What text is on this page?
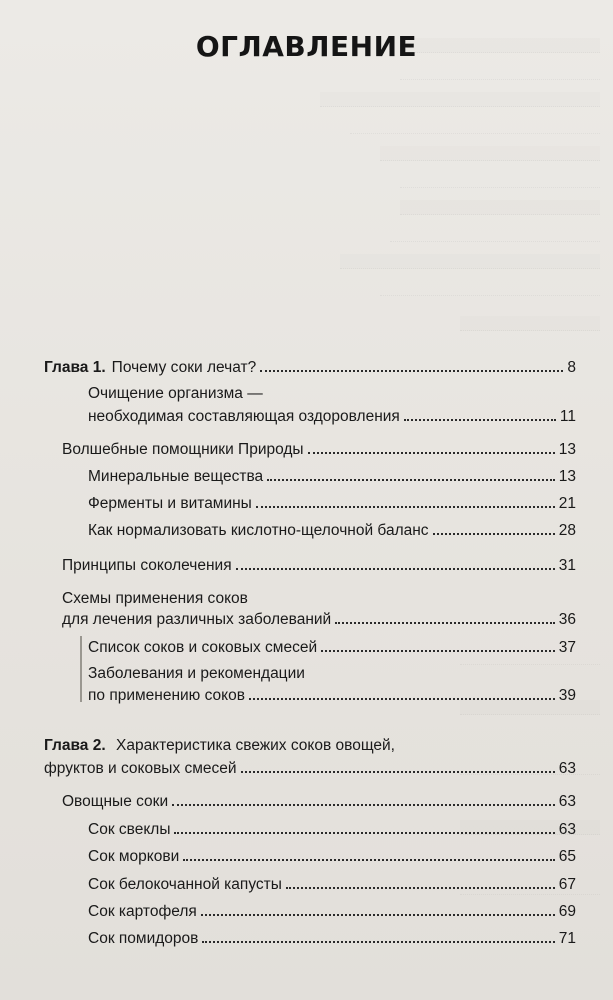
ОГЛАВЛЕНИЕ
Глава 1. Почему соки лечат?	8
Очищение организма —
необходимая составляющая оздоровления	11
Волшебные помощники Природы	13
Минеральные вещества	13
Ферменты и витамины	21
Как нормализовать кислотно-щелочной баланс	28
Принципы соколечения	31
Схемы применения соков
для лечения различных заболеваний	36
Список соков и соковых смесей	37
Заболевания и рекомендации
по применению соков	39
Глава 2. Характеристика свежих соков овощей,
фруктов и соковых смесей	63
Овощные соки	63
Сок свеклы	63
Сок моркови	65
Сок белокочанной капусты	67
Сок картофеля	69
Сок помидоров	71
